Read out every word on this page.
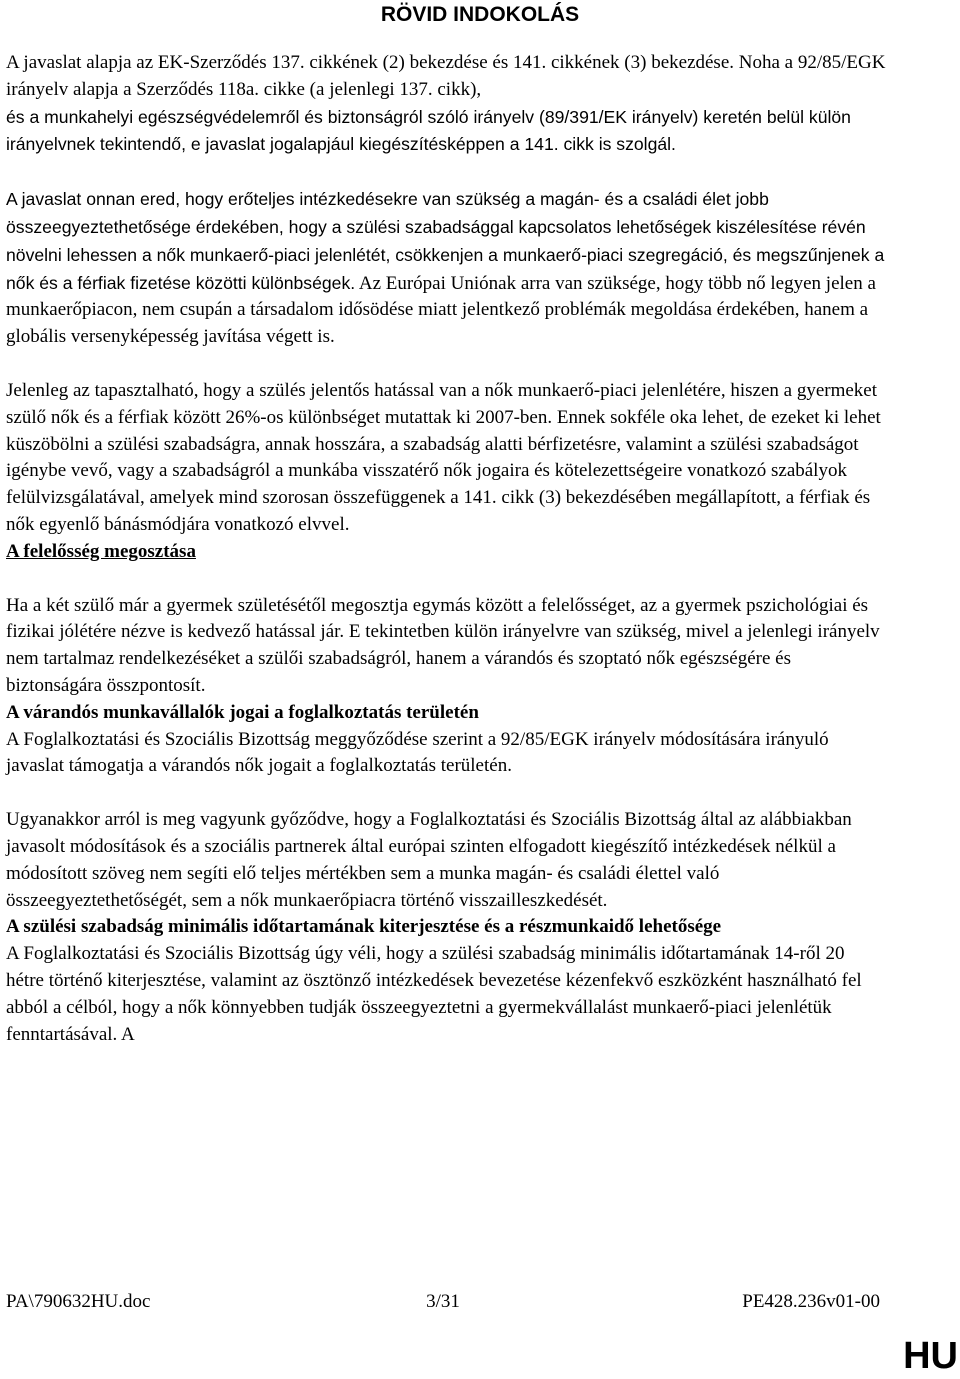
RÖVID INDOKOLÁS

A javaslat alapja az EK-Szerződés 137. cikkének (2) bekezdése és 141. cikkének (3) bekezdése. Noha a 92/85/EGK irányelv alapja a Szerződés 118a. cikke (a jelenlegi 137. cikk),
és a munkahelyi egészségvédelemről és biztonságról szóló irányelv (89/391/EK irányelv) keretén belül külön irányelvnek tekintendő, e javaslat jogalapjául kiegészítésképpen a 141. cikk is szolgál.

A javaslat onnan ered, hogy erőteljes intézkedésekre van szükség a magán- és a családi élet jobb összeegyeztethetősége érdekében, hogy a szülési szabadsággal kapcsolatos lehetőségek kiszélesítése révén növelni lehessen a nők munkaerő-piaci jelenlétét, csökkenjen a munkaerő-piaci szegregáció, és megszűnjenek a nők és a férfiak fizetése közötti különbségek. Az Európai Uniónak arra van szüksége, hogy több nő legyen jelen a munkaerőpiacon, nem csupán a társadalom idősödése miatt jelentkező problémák megoldása érdekében, hanem a globális versenyképesség javítása végett is.

Jelenleg az tapasztalható, hogy a szülés jelentős hatással van a nők munkaerő-piaci jelenlétére, hiszen a gyermeket szülő nők és a férfiak között 26%-os különbséget mutattak ki 2007-ben. Ennek sokféle oka lehet, de ezeket ki lehet küszöbölni a szülési szabadságra, annak hosszára, a szabadság alatti bérfizetésre, valamint a szülési szabadságot igénybe vevő, vagy a szabadságról a munkába visszatérő nők jogaira és kötelezettségeire vonatkozó szabályok felülvizsgálatával, amelyek mind szorosan összefüggenek a 141. cikk (3) bekezdésében megállapított, a férfiak és nők egyenlő bánásmódjára vonatkozó elvvel.

A felelősség megosztása

Ha a két szülő már a gyermek születésétől megosztja egymás között a felelősséget, az a gyermek pszichológiai és fizikai jólétére nézve is kedvező hatással jár. E tekintetben külön irányelvre van szükség, mivel a jelenlegi irányelv nem tartalmaz rendelkezéséket a szülői szabadságról, hanem a várandós és szoptató nők egészségére és biztonságára összpontosít.

A várandós munkavállalók jogai a foglalkoztatás területén

A Foglalkoztatási és Szociális Bizottság meggyőződése szerint a 92/85/EGK irányelv módosítására irányuló javaslat támogatja a várandós nők jogait a foglalkoztatás területén.

Ugyanakkor arról is meg vagyunk győződve, hogy a Foglalkoztatási és Szociális Bizottság által az alábbiakban javasolt módosítások és a szociális partnerek által európai szinten elfogadott kiegészítő intézkedések nélkül a módosított szöveg nem segíti elő teljes mértékben sem a munka magán- és családi élettel való összeegyeztethetőségét, sem a nők munkaerőpiacra történő visszailleszkedését.

A szülési szabadság minimális időtartamának kiterjesztése és a részmunkaidő lehetősége

A Foglalkoztatási és Szociális Bizottság úgy véli, hogy a szülési szabadság minimális időtartamának 14-ről 20 hétre történő kiterjesztése, valamint az ösztönző intézkedések bevezetése kézenfekvő eszközként használható fel abból a célból, hogy a nők könnyebben tudják összeegyeztetni a gyermekvállalást munkaerő-piaci jelenlétük fenntartásával. A

3/31
PA\790632HU.doc	PE428.236v01-00
HU
